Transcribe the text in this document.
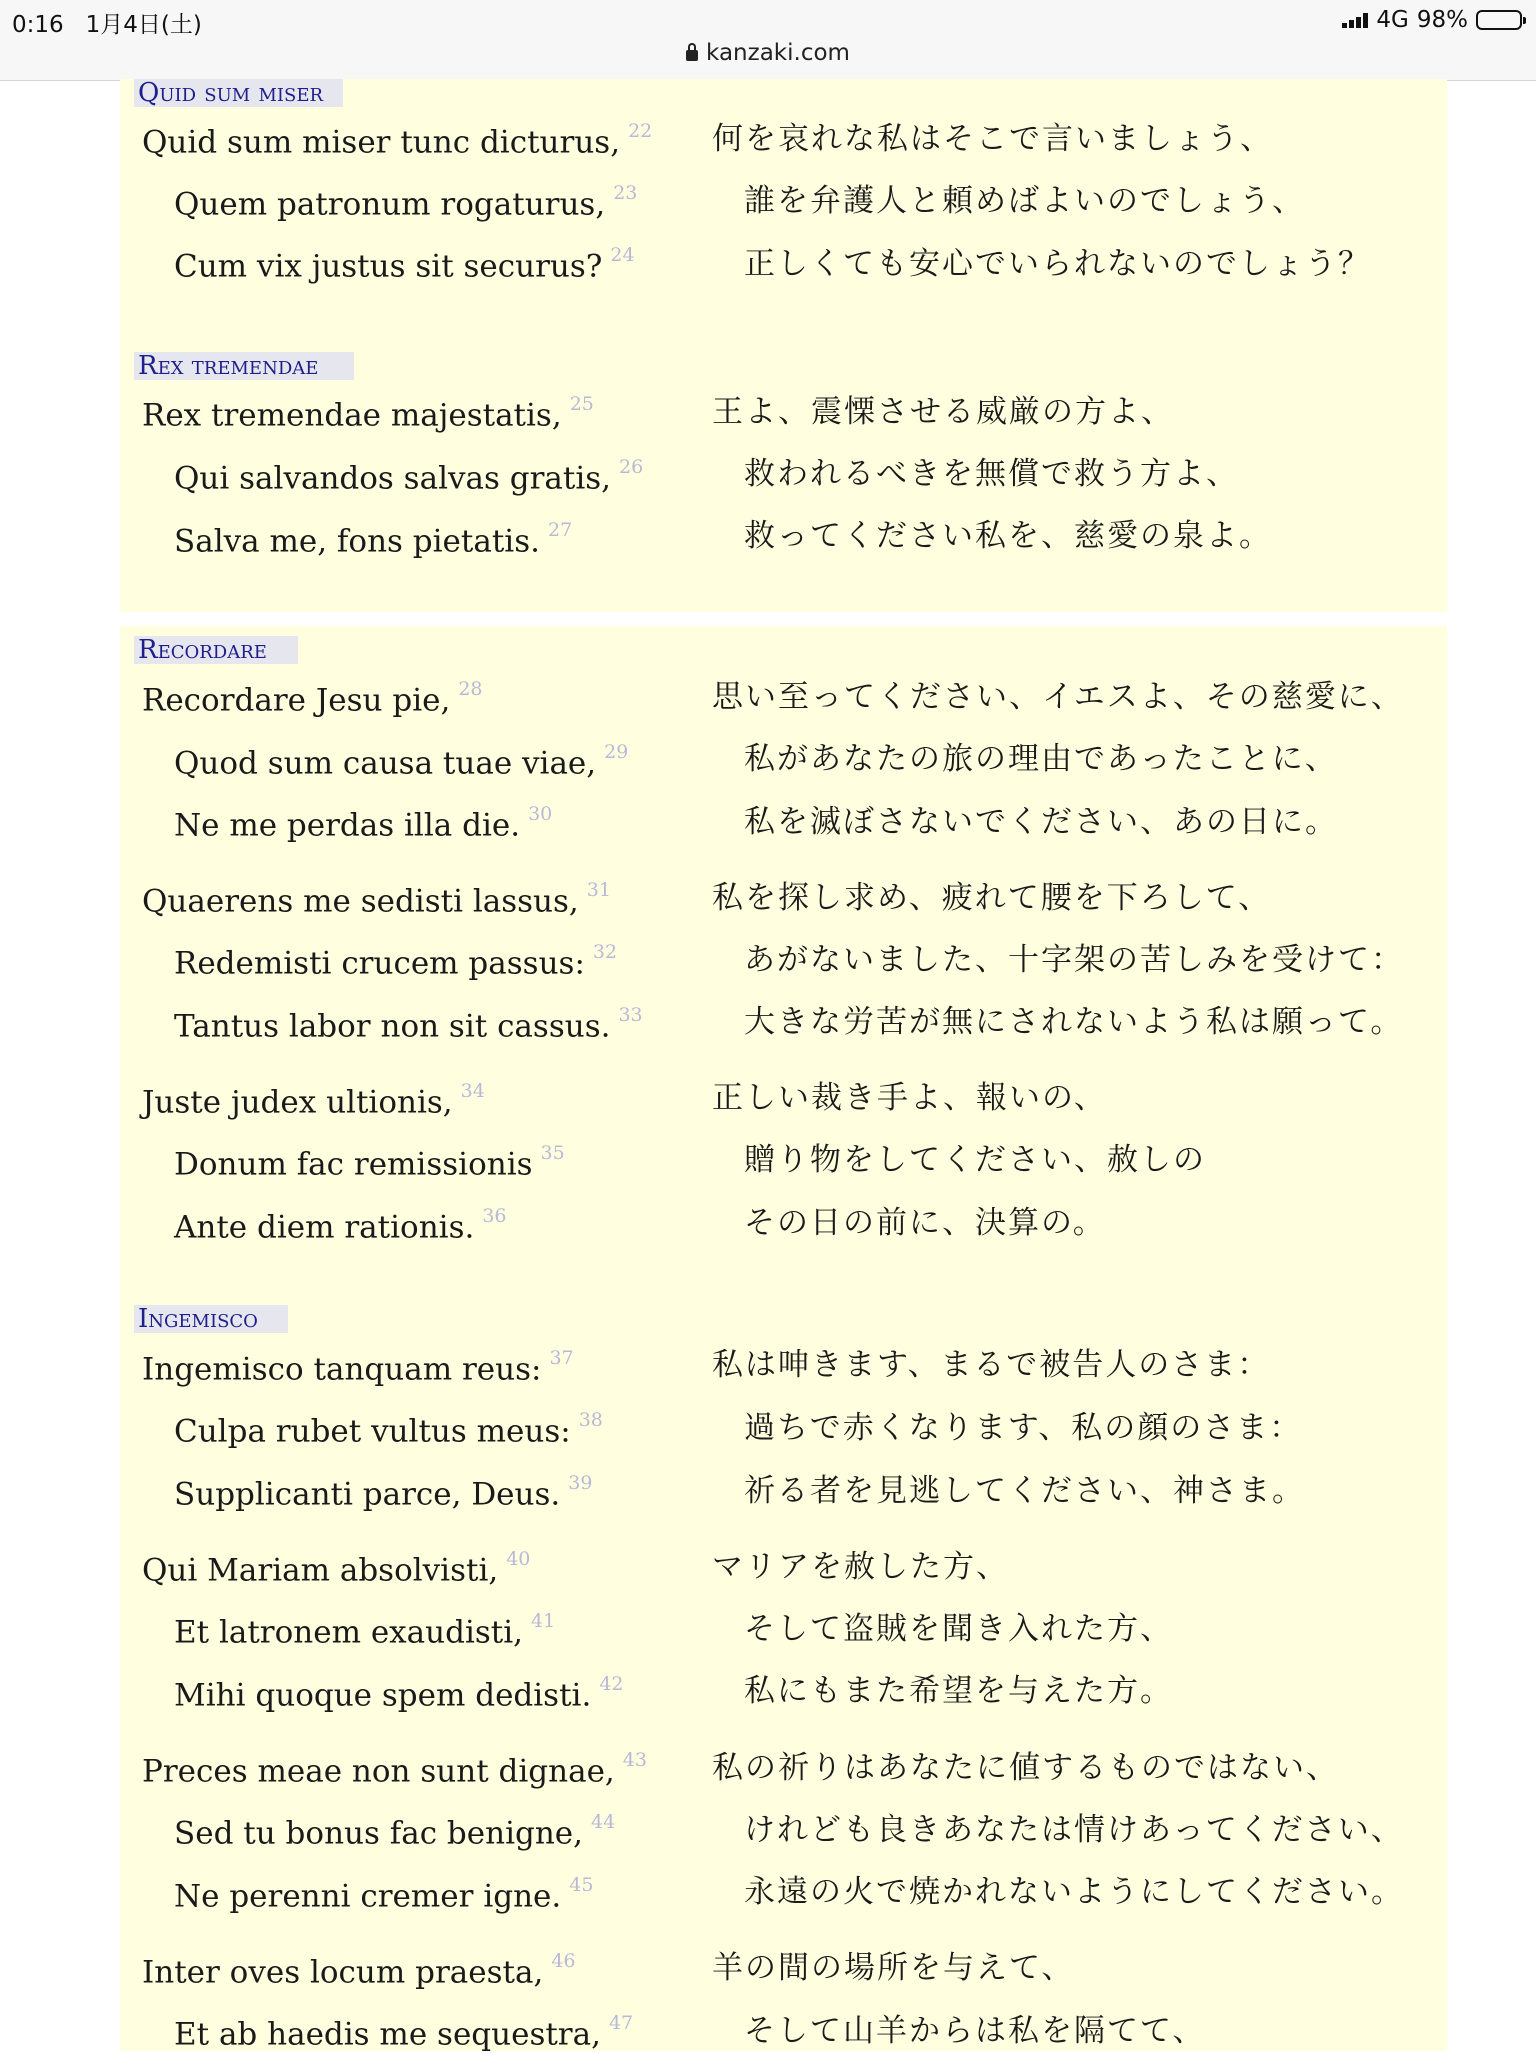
0:16 1月4日(土)	4G 98%
kanzaki.com
Quid sum miser
Quid sum miser tunc dicturus, $^{22}$ 何を哀れな私はそこで言いましょう、
Quem patronum rogaturus, $^{23}$	誰を弁護人と頼めばよいのでしょう、
Cum vix justus sit securus? $^{24}$	正しくても安心でいられないのでしょう？
Rex tremendae
Rex tremendae majestatis, $^{25}$	王よ、震慄させる威厳の方よ、
Qui salvandos salvas gratis, $^{26}$	救われるべきを無償で救う方よ、
Salva me, fons pietatis. $^{27}$	救ってください私を、慈愛の泉よ。
Recordare
Recordare Jesu pie, $^{28}$	思い至ってください、イエスよ、その慈愛に、
Quod sum causa tuae viae, $^{29}$	私があなたの旅の理由であったことに、
Ne me perdas illa die. $^{30}$	私を滅ぼさないでください、あの日に。
Quaerens me sedisti lassus, $^{31}$	私を探し求め、疲れて腰を下ろして、
Redemisti crucem passus: $^{32}$	あがないました、十字架の苦しみを受けて：
Tantus labor non sit cassus. $^{33}$	大きな労苦が無にされないよう私は願って。
Juste judex ultionis, $^{34}$	正しい裁き手よ、報いの、
Donum fac remissionis $^{35}$	贈り物をしてください、赦しの
Ante diem rationis. $^{36}$	その日の前に、決算の。
Ingemisco
Ingemisco tanquam reus: $^{37}$	私は呻きます、まるで被告人のさま：
Culpa rubet vultus meus: $^{38}$	過ちで赤くなります、私の顔のさま：
Supplicanti parce, Deus. $^{39}$	祈る者を見逃してください、神さま。
Qui Mariam absolvisti, $^{40}$	マリアを赦した方、
Et latronem exaudisti, $^{41}$	そして盗賊を聞き入れた方、
Mihi quoque spem dedisti. $^{42}$	私にもまた希望を与えた方。
Preces meae non sunt dignae, $^{43}$ 私の祈りはあなたに値するものではない、
Sed tu bonus fac benigne, $^{44}$	けれども良きあなたは情けあってください、
Ne perenni cremer igne. $^{45}$	永遠の火で焼かれないようにしてください。
Inter oves locum praesta, $^{46}$	羊の間の場所を与えて、
Et ab haedis me sequestra, $^{47}$	そして山羊からは私を隔てて、
